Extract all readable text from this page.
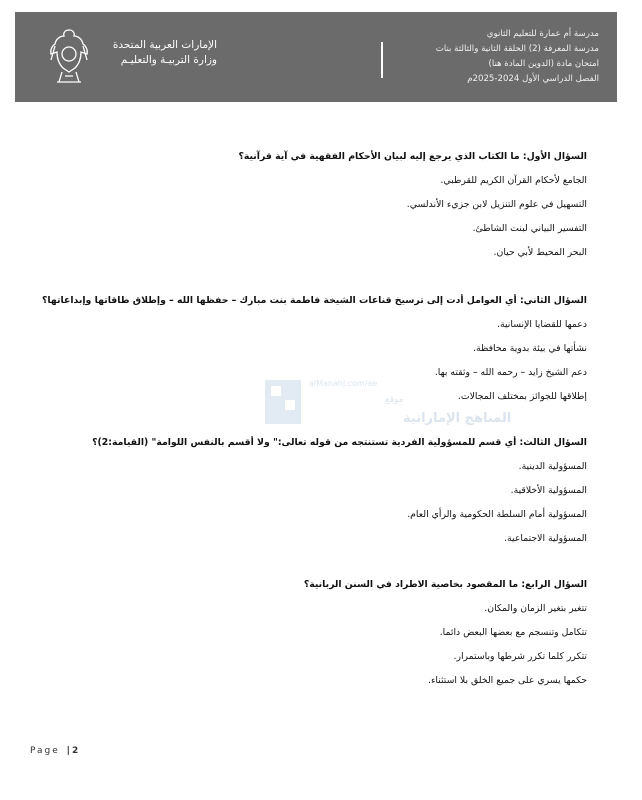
الإمارات العربية المتحدة
وزارة التربيـة والتعليـم
مدرسة أم عمارة للتعليم الثانوي
مدرسة المعرفة (2) الحلقة الثانية والثالثة بنات
امتحان مادة (الدوين المادة هنا)
الفصل الدراسي الأول 2024-2025م
السؤال الأول: ما الكتاب الذي يرجع إليه لبيان الأحكام الفقهية في آية قرآنية؟
الجامع لأحكام القرآن الكريم للقرطبي.
التسهيل في علوم التنزيل لابن جزيء الأندلسي.
التفسير البياني لبنت الشاطئ.
البحر المحيط لأبي حيان.
السؤال الثاني: أي العوامل أدت إلى ترسيخ قناعات الشيخة فاطمة بنت مبارك – حفظها الله – وإطلاق طاقاتها وإبداعاتها؟
دعمها للقضايا الإنسانية.
نشأتها في بيئة بدوية محافظة.
دعم الشيخ زايد – رحمه الله – وثقته بها.
إطلاقها للجوائز بمختلف المجالات.
السؤال الثالث: أي قسم للمسؤولية الفردية تستنتجه من قوله تعالى:" ولا أقسم بالنفس اللوامة" (القيامة:2)؟
المسؤولية الدينية.
المسؤولية الأخلاقية.
المسؤولية أمام السلطة الحكومية والرأي العام.
المسؤولية الاجتماعية.
السؤال الرابع: ما المقصود بخاصية الاطراد في السنن الربانية؟
تتغير بتغير الزمان والمكان.
تتكامل وتنسجم مع بعضها البعض دائما.
تتكرر كلما تكرر شرطها وباستمرار.
حكمها يسري على جميع الخلق بلا استثناء.
alManahj.com/ae
موقع
المناهج الإماراتية
Page | 2
